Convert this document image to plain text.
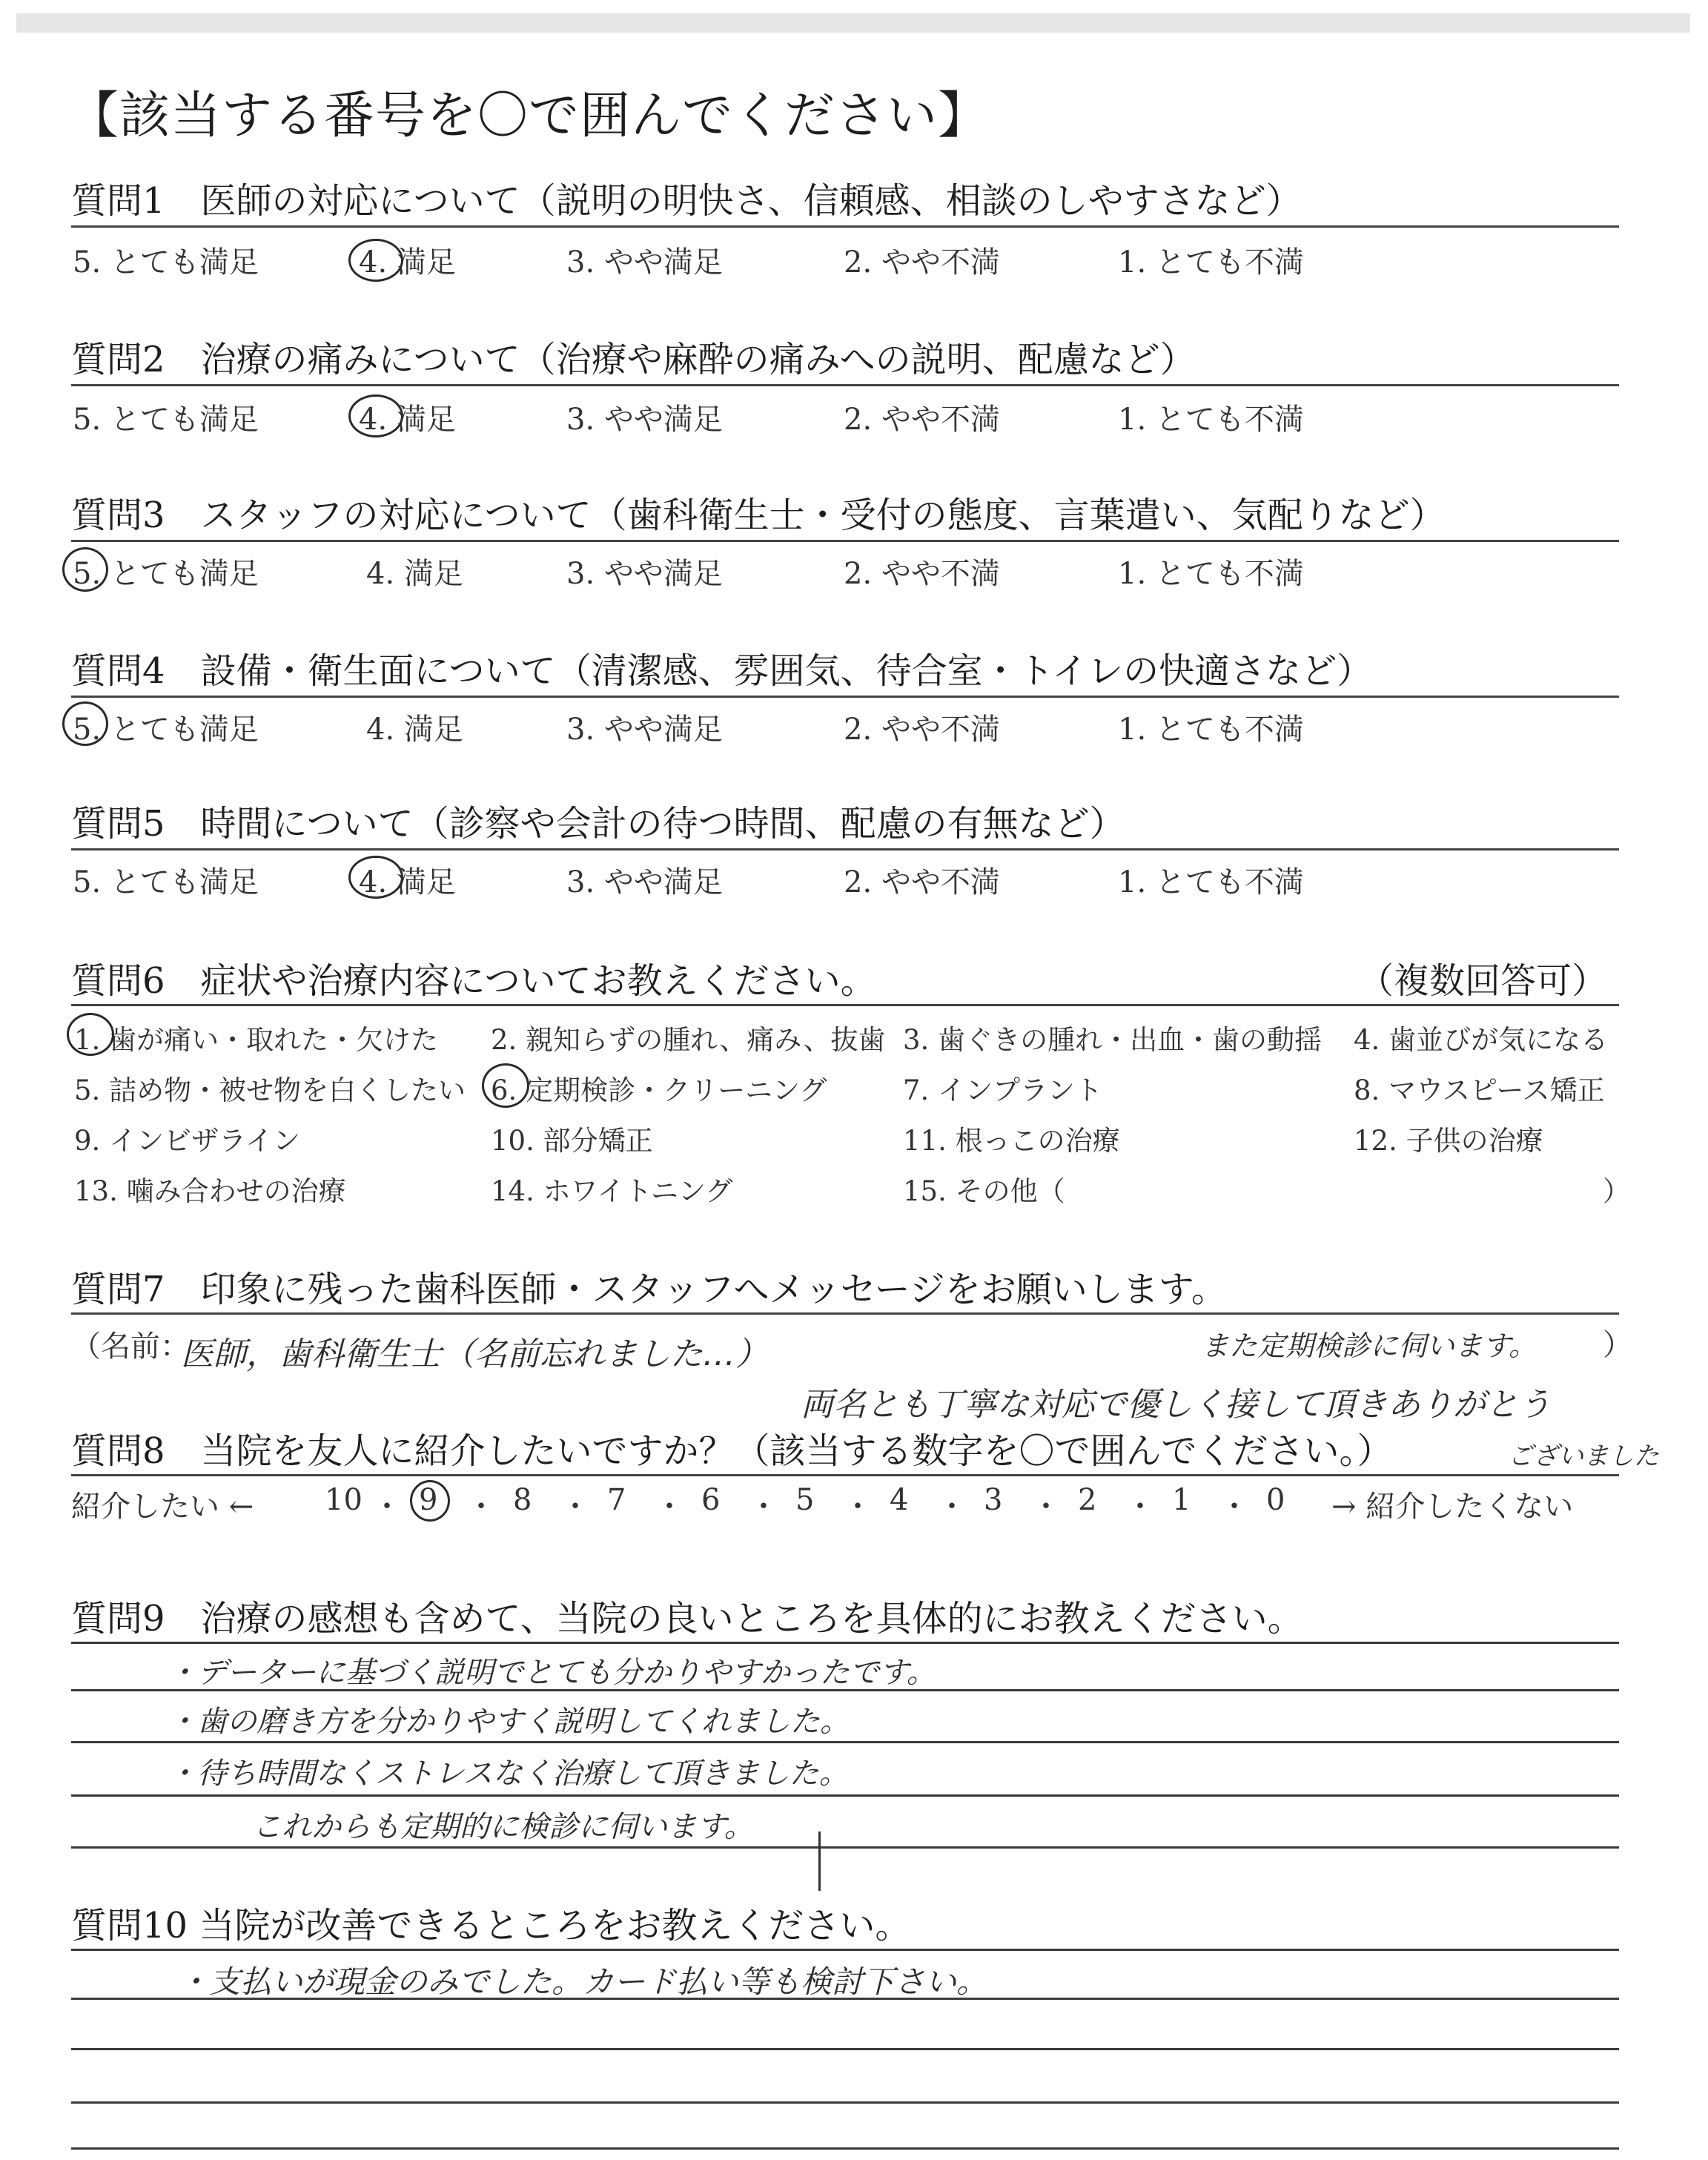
【該当する番号を〇で囲んでください】
質問1　医師の対応について（説明の明快さ、信頼感、相談のしやすさなど）
5. とても満足	4. 満足	3. やや満足	2. やや不満	1. とても不満
質問2　治療の痛みについて（治療や麻酔の痛みへの説明、配慮など）
5. とても満足	4. 満足	3. やや満足	2. やや不満	1. とても不満
質問3　スタッフの対応について（歯科衛生士・受付の態度、言葉遣い、気配りなど）
5. とても満足	4. 満足	3. やや満足	2. やや不満	1. とても不満
質問4　設備・衛生面について（清潔感、雰囲気、待合室・トイレの快適さなど）
5. とても満足	4. 満足	3. やや満足	2. やや不満	1. とても不満
質問5　時間について（診察や会計の待つ時間、配慮の有無など）
5. とても満足	4. 満足	3. やや満足	2. やや不満	1. とても不満
質問6　症状や治療内容についてお教えください。	（複数回答可）
1. 歯が痛い・取れた・欠けた 2. 親知らずの腫れ、痛み、抜歯 3. 歯ぐきの腫れ・出血・歯の動揺 4. 歯並びが気になる
5. 詰め物・被せ物を白くしたい 6. 定期検診・クリーニング	7. インプラント	8. マウスピース矯正
9. インビザライン	10. 部分矯正	11. 根っこの治療	12. 子供の治療
13. 噛み合わせの治療	14. ホワイトニング	15. その他（	）
質問7　印象に残った歯科医師・スタッフへメッセージをお願いします。
（名前：
医師，歯科衛生士（名前忘れました…）	また定期検診に伺います。 ）
両名とも丁寧な対応で優しく接して頂きありがとう
質問8　当院を友人に紹介したいですか？（該当する数字を〇で囲んでください。）	ございました
紹介したい ←	→ 紹介したくない
10 ・ 9 ・ 8 ・ 7 ・ 6 ・ 5 ・ 4 ・ 3 ・ 2 ・ 1 ・ 0
質問9　治療の感想も含めて、当院の良いところを具体的にお教えください。
・データーに基づく説明でとても分かりやすかったです。
・歯の磨き方を分かりやすく説明してくれました。
・待ち時間なくストレスなく治療して頂きました。
これからも定期的に検診に伺います。
質問10 当院が改善できるところをお教えください。
・支払いが現金のみでした。カード払い等も検討下さい。
